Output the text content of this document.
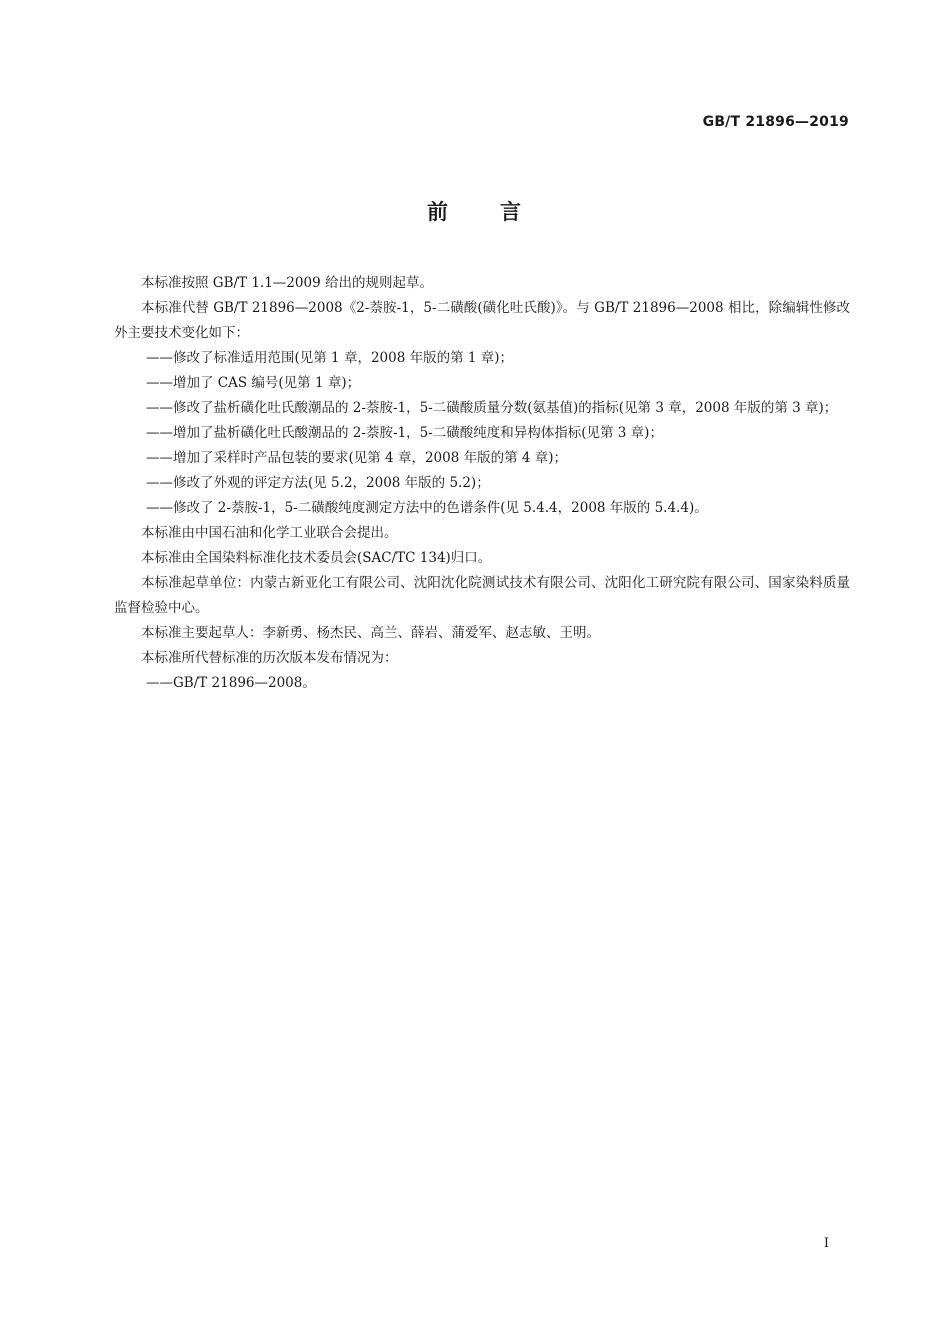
GB/T 21896—2019
前 言

本标准按照 GB/T 1.1—2009 给出的规则起草。

本标准代替 GB/T 21896—2008《2-萘胺-1，5-二磺酸(磺化吐氏酸)》。与 GB/T 21896—2008 相比，除编辑性修改外主要技术变化如下：

——修改了标准适用范围(见第 1 章，2008 年版的第 1 章)；

——增加了 CAS 编号(见第 1 章)；

——修改了盐析磺化吐氏酸潮品的 2-萘胺-1，5-二磺酸质量分数(氨基值)的指标(见第 3 章，2008 年版的第 3 章)；

——增加了盐析磺化吐氏酸潮品的 2-萘胺-1，5-二磺酸纯度和异构体指标(见第 3 章)；

——增加了采样时产品包装的要求(见第 4 章，2008 年版的第 4 章)；

——修改了外观的评定方法(见 5.2，2008 年版的 5.2)；

——修改了 2-萘胺-1，5-二磺酸纯度测定方法中的色谱条件(见 5.4.4，2008 年版的 5.4.4)。

本标准由中国石油和化学工业联合会提出。

本标准由全国染料标准化技术委员会(SAC/TC 134)归口。

本标准起草单位：内蒙古新亚化工有限公司、沈阳沈化院测试技术有限公司、沈阳化工研究院有限公司、国家染料质量监督检验中心。

本标准主要起草人：李新勇、杨杰民、高兰、薛岩、蒲爱军、赵志敏、王明。

本标准所代替标准的历次版本发布情况为：

——GB/T 21896—2008。

I
